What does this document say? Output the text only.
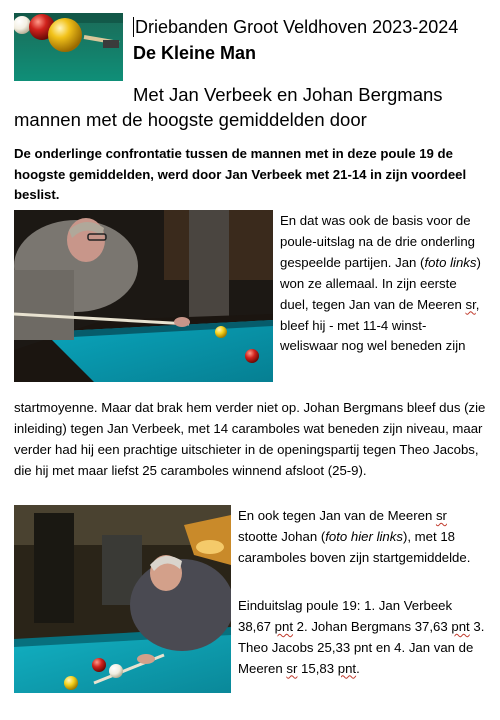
Driebanden Groot Veldhoven 2023-2024 De Kleine Man
Met Jan Verbeek en Johan Bergmans
mannen met de hoogste gemiddelden door
De onderlinge confrontatie tussen de mannen met in deze poule 19 de hoogste gemiddelden, werd door Jan Verbeek met 21-14 in zijn voordeel beslist.
En dat was ook de basis voor de poule-uitslag na de drie onderling gespeelde partijen. Jan (foto links) won ze allemaal. In zijn eerste duel, tegen Jan van de Meeren sr, bleef hij - met 11-4 winst- weliswaar nog wel beneden zijn
startmoyenne. Maar dat brak hem verder niet op. Johan Bergmans bleef dus (zie inleiding) tegen Jan Verbeek, met 14 caramboles wat beneden zijn niveau, maar verder had hij een prachtige uitschieter in de openingspartij tegen Theo Jacobs, die hij met maar liefst 25 caramboles winnend afsloot (25-9).
En ook tegen Jan van de Meeren sr stootte Johan (foto hier links), met 18 caramboles boven zijn startgemiddelde.
Einduitslag poule 19: 1. Jan Verbeek 38,67 pnt 2. Johan Bergmans 37,63 pnt 3. Theo Jacobs 25,33 pnt en 4. Jan van de Meeren sr 15,83 pnt.
